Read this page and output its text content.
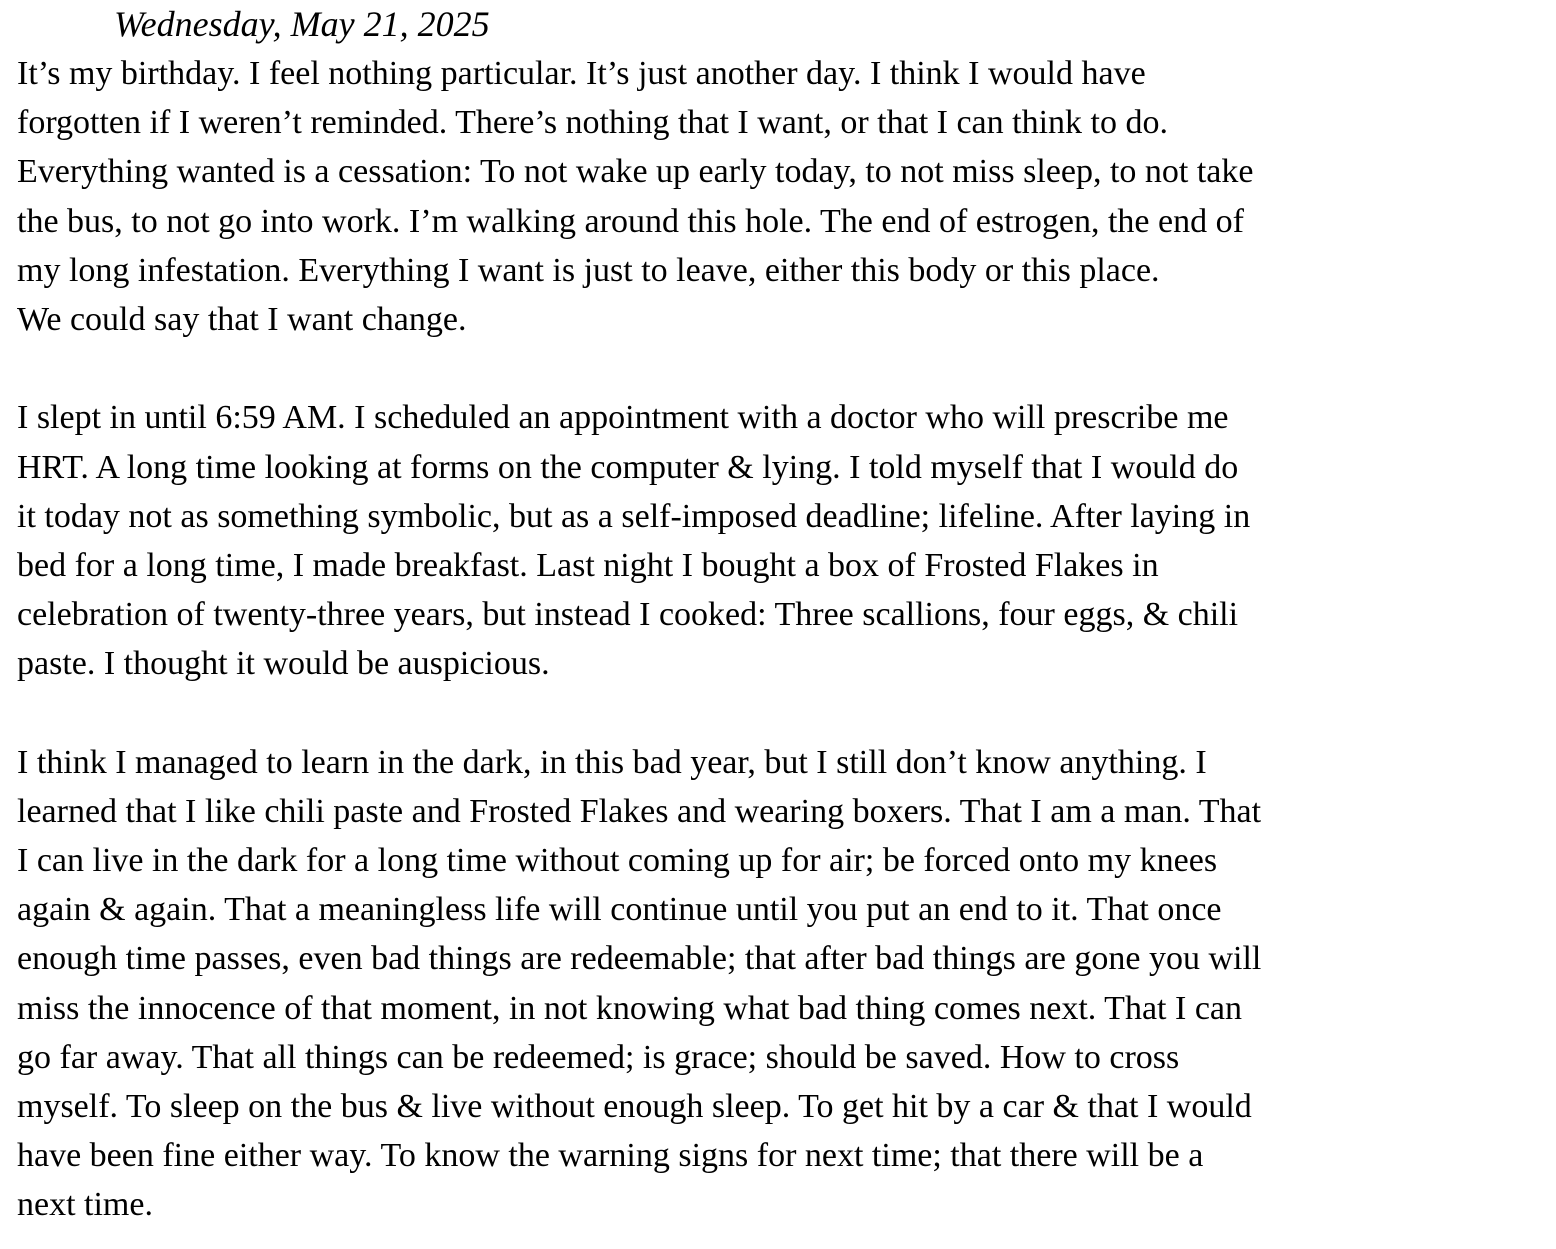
Wednesday, May 21, 2025
It’s my birthday. I feel nothing particular. It’s just another day. I think I would have
forgotten if I weren’t reminded. There’s nothing that I want, or that I can think to do.
Everything wanted is a cessation: To not wake up early today, to not miss sleep, to not take
the bus, to not go into work. I’m walking around this hole. The end of estrogen, the end of
my long infestation. Everything I want is just to leave, either this body or this place.
We could say that I want change.
I slept in until 6:59 AM. I scheduled an appointment with a doctor who will prescribe me
HRT. A long time looking at forms on the computer & lying. I told myself that I would do
it today not as something symbolic, but as a self-imposed deadline; lifeline. After laying in
bed for a long time, I made breakfast. Last night I bought a box of Frosted Flakes in
celebration of twenty-three years, but instead I cooked: Three scallions, four eggs, & chili
paste. I thought it would be auspicious.
I think I managed to learn in the dark, in this bad year, but I still don’t know anything. I
learned that I like chili paste and Frosted Flakes and wearing boxers. That I am a man. That
I can live in the dark for a long time without coming up for air; be forced onto my knees
again & again. That a meaningless life will continue until you put an end to it. That once
enough time passes, even bad things are redeemable; that after bad things are gone you will
miss the innocence of that moment, in not knowing what bad thing comes next. That I can
go far away. That all things can be redeemed; is grace; should be saved. How to cross
myself. To sleep on the bus & live without enough sleep. To get hit by a car & that I would
have been fine either way. To know the warning signs for next time; that there will be a
next time.
